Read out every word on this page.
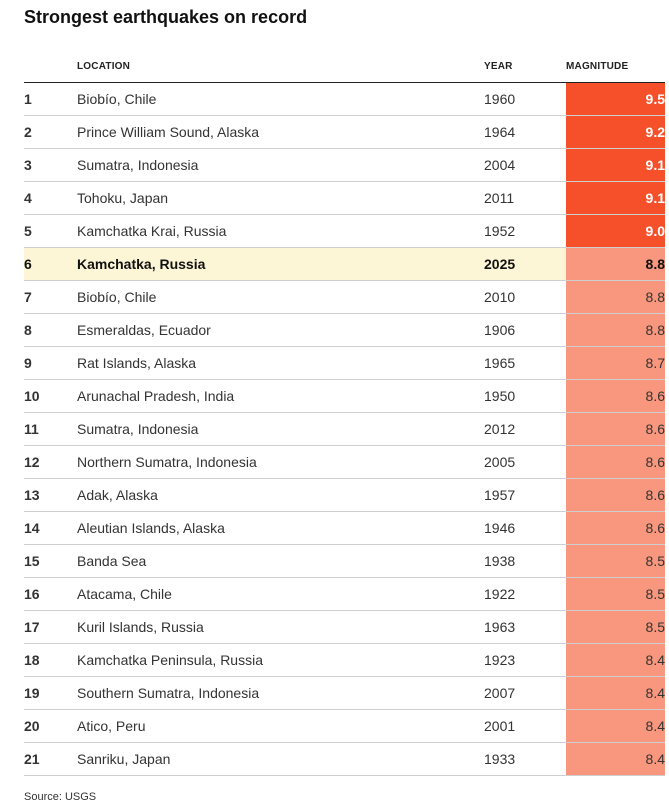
Strongest earthquakes on record
	LOCATION	YEAR		MAGNITUDE
1	Biobío, Chile	1960		9.5
2	Prince William Sound, Alaska	1964		9.2
3	Sumatra, Indonesia	2004		9.1
4	Tohoku, Japan	2011		9.1
5	Kamchatka Krai, Russia	1952		9.0
6	Kamchatka, Russia	2025		8.8
7	Biobío, Chile	2010		8.8
8	Esmeraldas, Ecuador	1906		8.8
9	Rat Islands, Alaska	1965		8.7
10	Arunachal Pradesh, India	1950		8.6
11	Sumatra, Indonesia	2012		8.6
12	Northern Sumatra, Indonesia	2005		8.6
13	Adak, Alaska	1957		8.6
14	Aleutian Islands, Alaska	1946		8.6
15	Banda Sea	1938		8.5
16	Atacama, Chile	1922		8.5
17	Kuril Islands, Russia	1963		8.5
18	Kamchatka Peninsula, Russia	1923		8.4
19	Southern Sumatra, Indonesia	2007		8.4
20	Atico, Peru	2001		8.4
21	Sanriku, Japan	1933		8.4
Source: USGS
